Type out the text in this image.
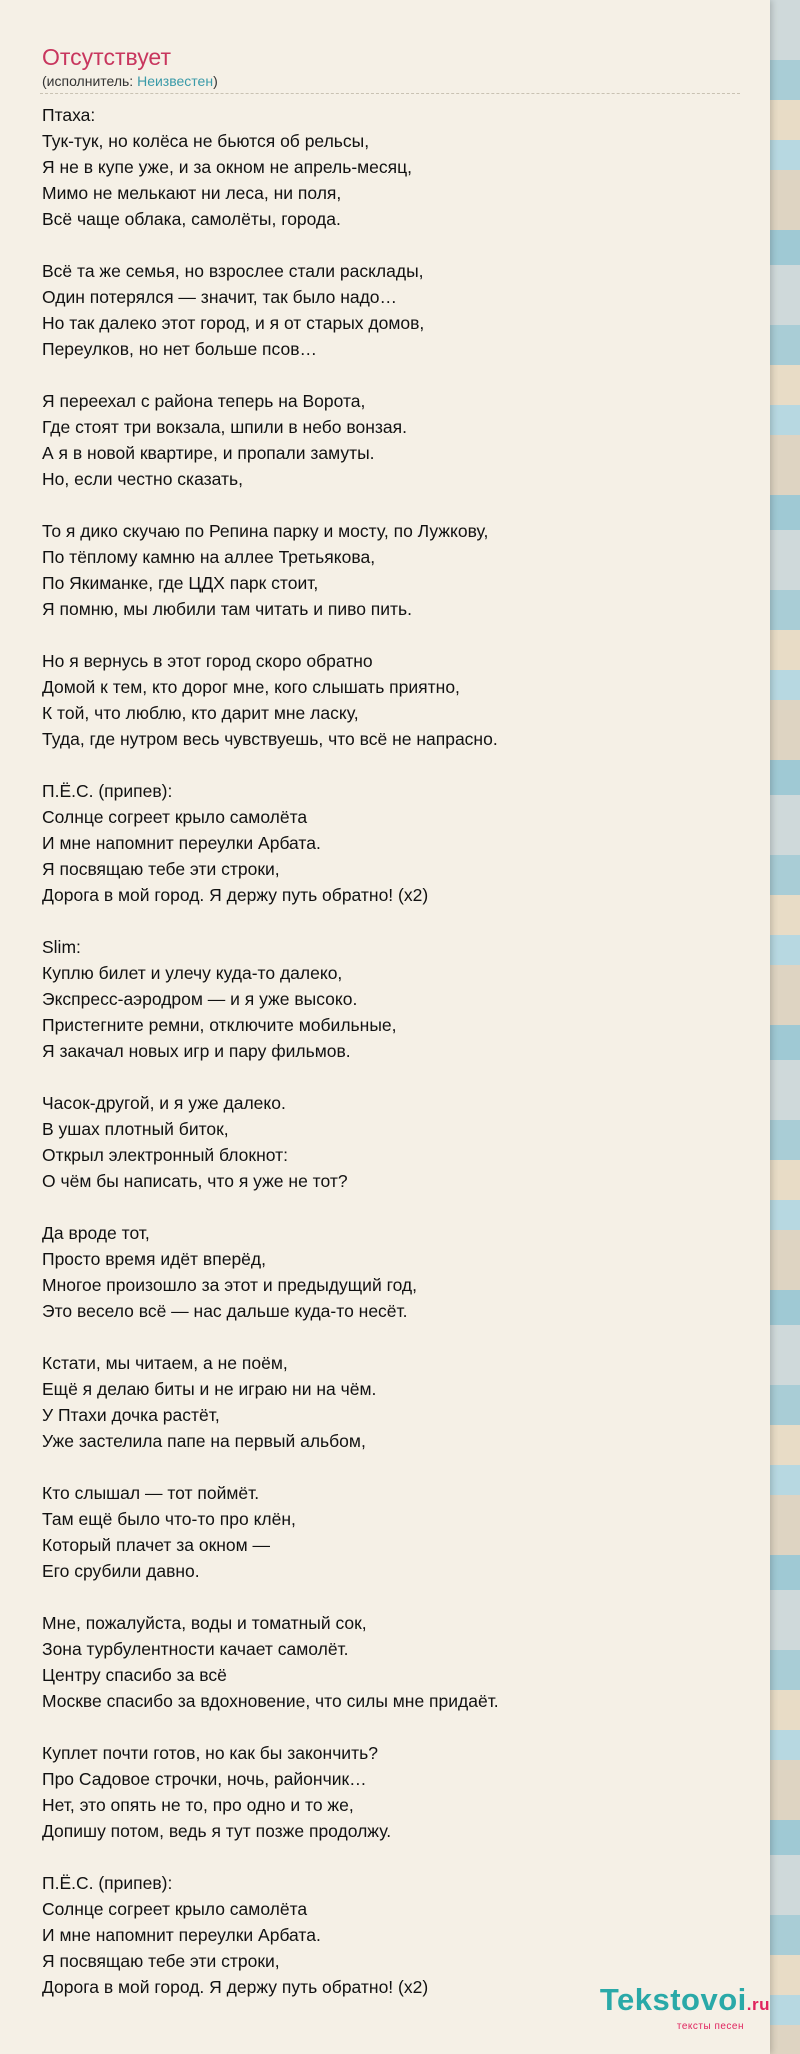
Отсутствует
(исполнитель: Неизвестен)
Птаха:
Тук-тук, но колёса не бьются об рельсы,
Я не в купе уже, и за окном не апрель-месяц,
Мимо не мелькают ни леса, ни поля,
Всё чаще облака, самолёты, города.
Всё та же семья, но взрослее стали расклады,
Один потерялся — значит, так было надо…
Но так далеко этот город, и я от старых домов,
Переулков, но нет больше псов…
Я переехал с района теперь на Ворота,
Где стоят три вокзала, шпили в небо вонзая.
А я в новой квартире, и пропали замуты.
Но, если честно сказать,
То я дико скучаю по Репина парку и мосту, по Лужкову,
По тёплому камню на аллее Третьякова,
По Якиманке, где ЦДХ парк стоит,
Я помню, мы любили там читать и пиво пить.
Но я вернусь в этот город скоро обратно
Домой к тем, кто дорог мне, кого слышать приятно,
К той, что люблю, кто дарит мне ласку,
Туда, где нутром весь чувствуешь, что всё не напрасно.
П.Ё.С. (припев):
Солнце согреет крыло самолёта
И мне напомнит переулки Арбата.
Я посвящаю тебе эти строки,
Дорога в мой город. Я держу путь обратно! (x2)
Slim:
Куплю билет и улечу куда-то далеко,
Экспресс-аэродром — и я уже высоко.
Пристегните ремни, отключите мобильные,
Я закачал новых игр и пару фильмов.
Часок-другой, и я уже далеко.
В ушах плотный биток,
Открыл электронный блокнот:
О чём бы написать, что я уже не тот?
Да вроде тот,
Просто время идёт вперёд,
Многое произошло за этот и предыдущий год,
Это весело всё — нас дальше куда-то несёт.
Кстати, мы читаем, а не поём,
Ещё я делаю биты и не играю ни на чём.
У Птахи дочка растёт,
Уже застелила папе на первый альбом,
Кто слышал — тот поймёт.
Там ещё было что-то про клён,
Который плачет за окном —
Его срубили давно.
Мне, пожалуйста, воды и томатный сок,
Зона турбулентности качает самолёт.
Центру спасибо за всё
Москве спасибо за вдохновение, что силы мне придаёт.
Куплет почти готов, но как бы закончить?
Про Садовое строчки, ночь, райончик…
Нет, это опять не то, про одно и то же,
Допишу потом, ведь я тут позже продолжу.
П.Ё.С. (припев):
Солнце согреет крыло самолёта
И мне напомнит переулки Арбата.
Я посвящаю тебе эти строки,
Дорога в мой город. Я держу путь обратно! (x2)	Tekstovoi.ru
тексты песен
